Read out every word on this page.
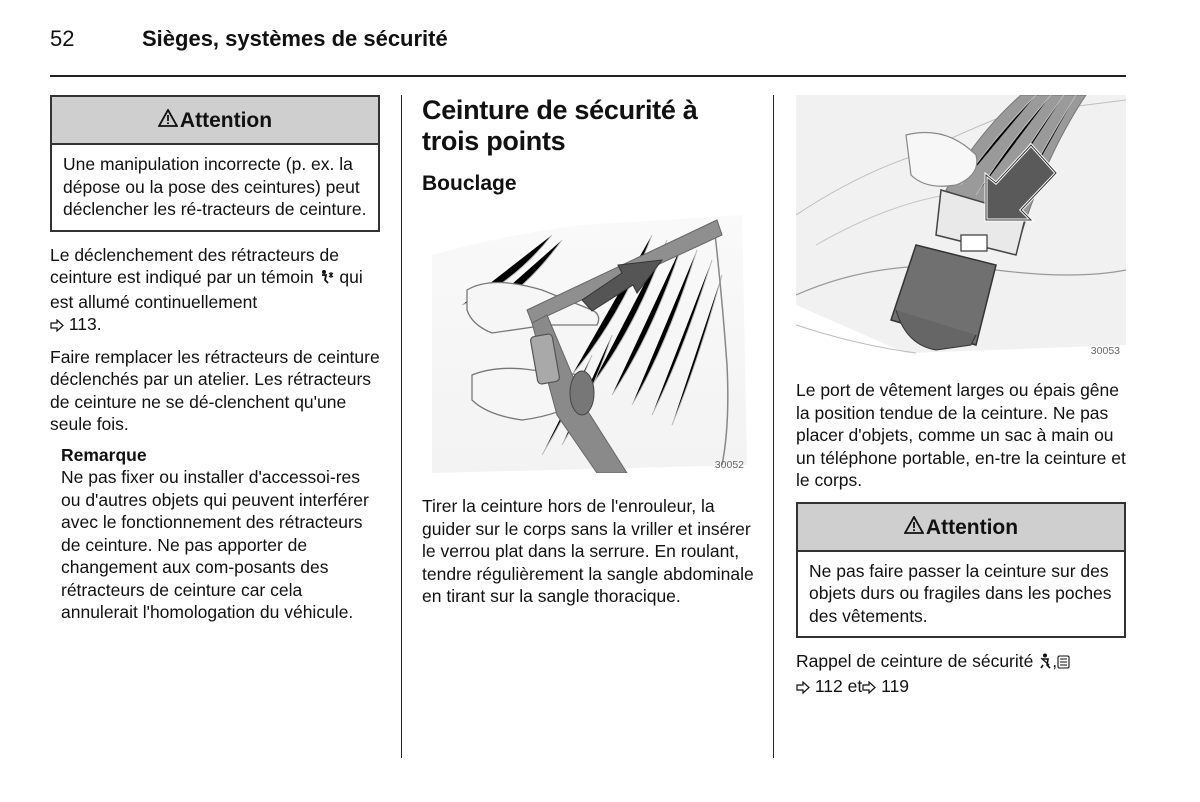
52	Sièges, systèmes de sécurité
Attention
Une manipulation incorrecte (p. ex. la dépose ou la pose des ceintures) peut déclencher les ré-tracteurs de ceinture.

Le déclenchement des rétracteurs de ceinture est indiqué par un témoin qui est allumé continuellement
113.

Faire remplacer les rétracteurs de ceinture déclenchés par un atelier. Les rétracteurs de ceinture ne se dé-clenchent qu'une seule fois.

Remarque

Ne pas fixer ou installer d'accessoi-res ou d'autres objets qui peuvent interférer avec le fonctionnement des rétracteurs de ceinture. Ne pas apporter de changement aux com-posants des rétracteurs de ceinture car cela annulerait l'homologation du véhicule.

Ceinture de sécurité à trois points
Bouclage
30052

Tirer la ceinture hors de l'enrouleur, la guider sur le corps sans la vriller et insérer le verrou plat dans la serrure. En roulant, tendre régulièrement la sangle abdominale en tirant sur la sangle thoracique.

30053

Le port de vêtement larges ou épais gêne la position tendue de la ceinture. Ne pas placer d'objets, comme un sac à main ou un téléphone portable, en-tre la ceinture et le corps.

Attention
Ne pas faire passer la ceinture sur des objets durs ou fragiles dans les poches des vêtements.

Rappel de ceinture de sécurité ,
112 et 119
